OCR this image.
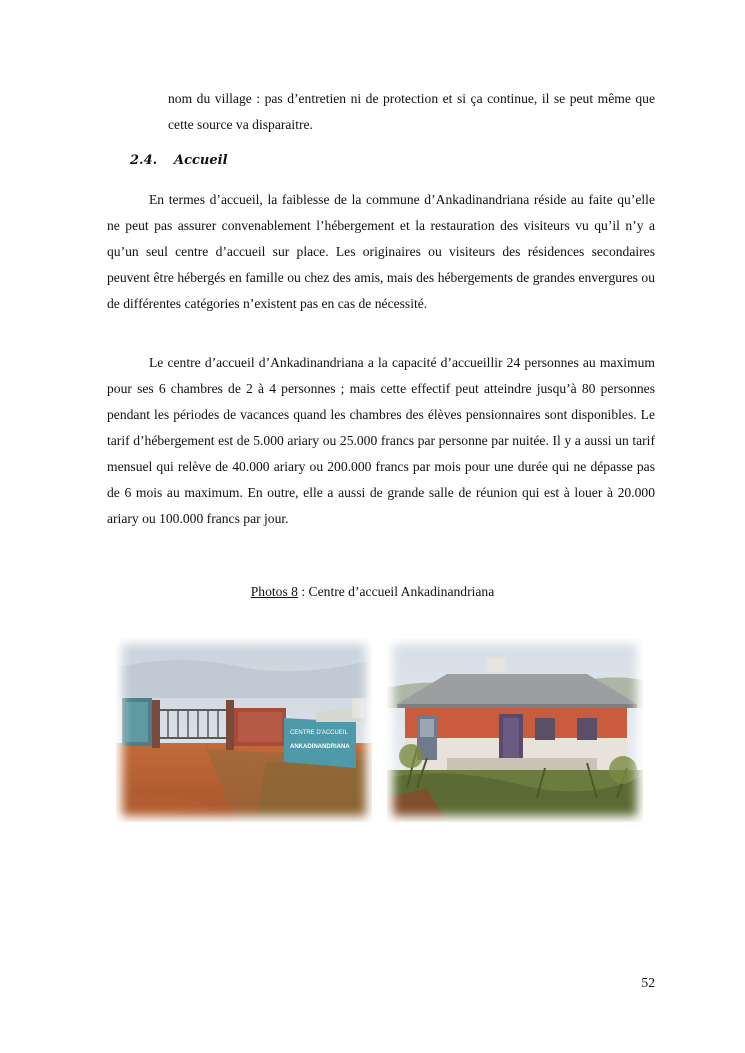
nom du village : pas d’entretien ni de protection et si ça continue, il se peut même que cette source va disparaitre.
2.4. Accueil

En termes d’accueil, la faiblesse de la commune d’Ankadinandriana réside au faite qu’elle ne peut pas assurer convenablement l’hébergement et la restauration des visiteurs vu qu’il n’y a qu’un seul centre d’accueil sur place. Les originaires ou visiteurs des résidences secondaires peuvent être hébergés en famille ou chez des amis, mais des hébergements de grandes envergures ou de différentes catégories n’existent pas en cas de nécessité.

Le centre d’accueil d’Ankadinandriana a la capacité d’accueillir 24 personnes au maximum pour ses 6 chambres de 2 à 4 personnes ; mais cette effectif peut atteindre jusqu’à 80 personnes pendant les périodes de vacances quand les chambres des élèves pensionnaires sont disponibles. Le tarif d’hébergement est de 5.000 ariary ou 25.000 francs par personne par nuitée. Il y a aussi un tarif mensuel qui relève de 40.000 ariary ou 200.000 francs par mois pour une durée qui ne dépasse pas de 6 mois au maximum. En outre, elle a aussi de grande salle de réunion qui est à louer à 20.000 ariary ou 100.000 francs par jour.

Photos 8 : Centre d’accueil Ankadinandriana
CENTRE D'ACCUEIL
ANKADINANDRIANA
52
